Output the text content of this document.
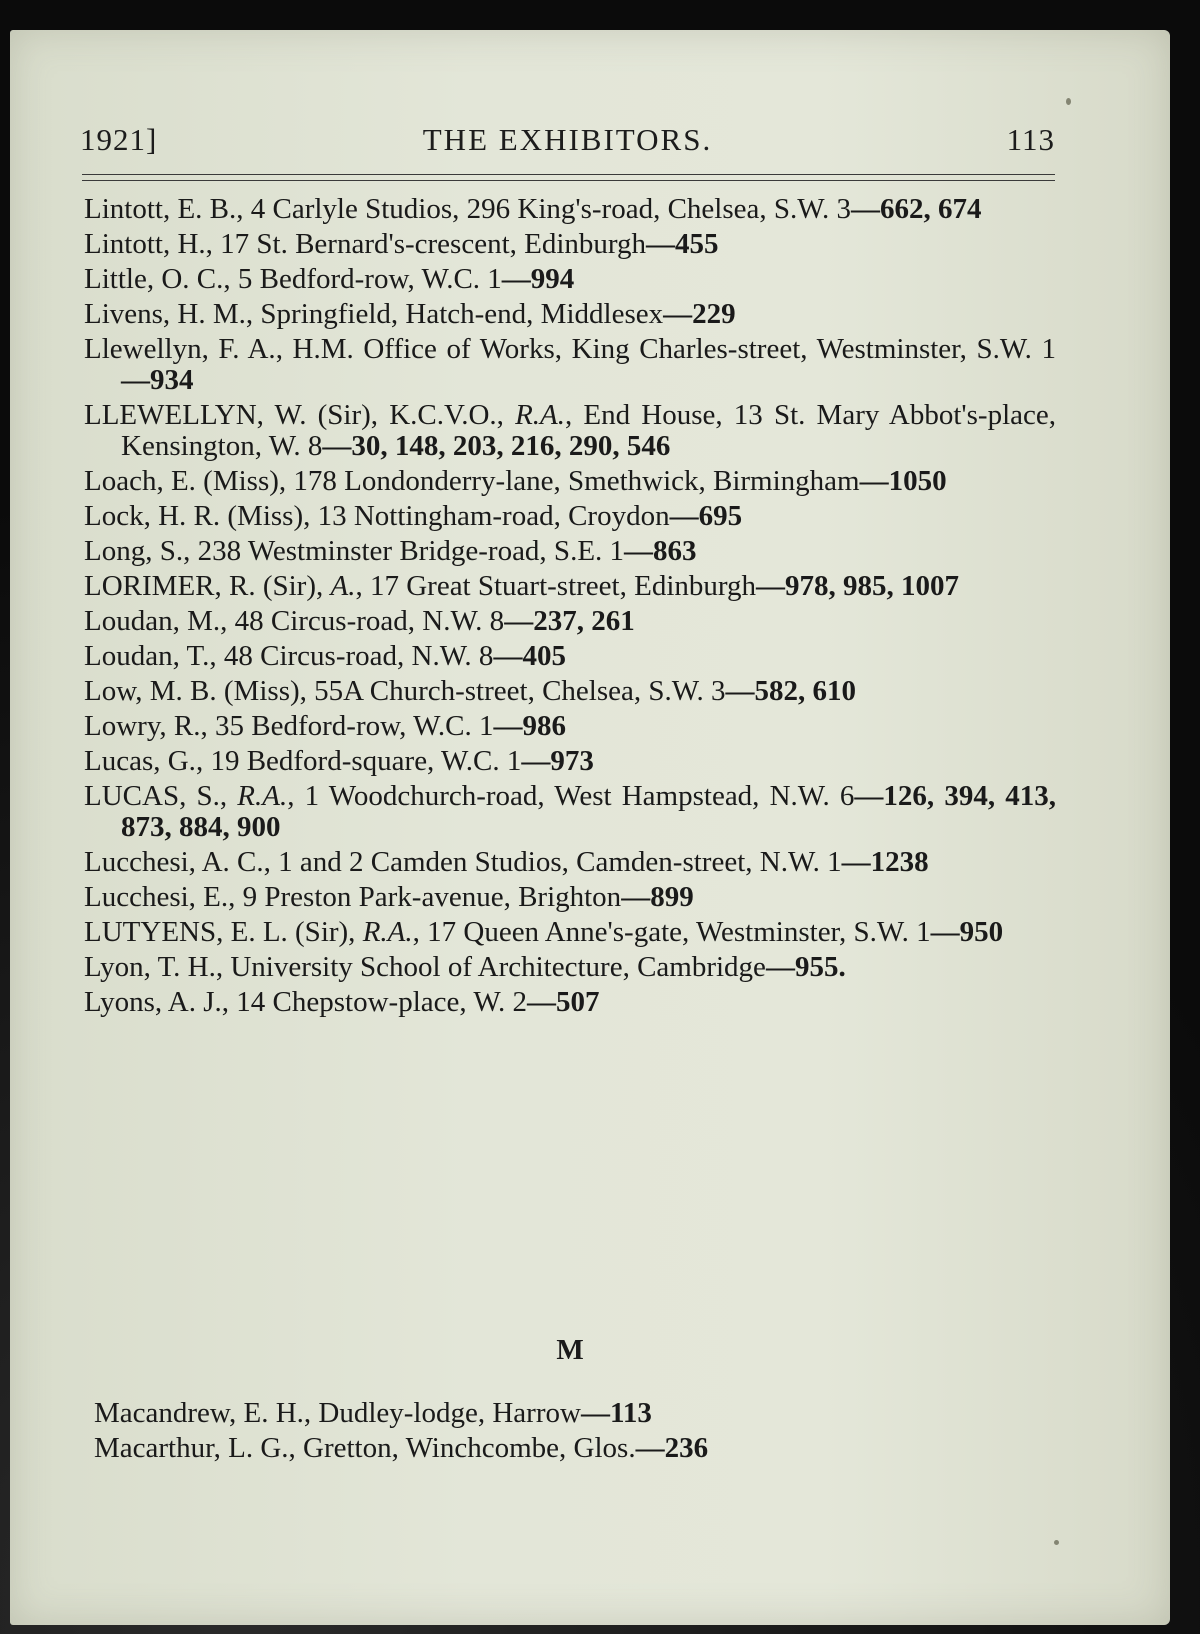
1921]	THE EXHIBITORS.	113
Lintott, E. B., 4 Carlyle Studios, 296 King's-road, Chelsea, S.W. 3—662, 674
Lintott, H., 17 St. Bernard's-crescent, Edinburgh—455
Little, O. C., 5 Bedford-row, W.C. 1—994
Livens, H. M., Springfield, Hatch-end, Middlesex—229
Llewellyn, F. A., H.M. Office of Works, King Charles-street, Westminster, S.W. 1—934
LLEWELLYN, W. (Sir), K.C.V.O., R.A., End House, 13 St. Mary Abbot's-place, Kensington, W. 8—30, 148, 203, 216, 290, 546
Loach, E. (Miss), 178 Londonderry-lane, Smethwick, Birmingham—1050
Lock, H. R. (Miss), 13 Nottingham-road, Croydon—695
Long, S., 238 Westminster Bridge-road, S.E. 1—863
LORIMER, R. (Sir), A., 17 Great Stuart-street, Edinburgh—978, 985, 1007
Loudan, M., 48 Circus-road, N.W. 8—237, 261
Loudan, T., 48 Circus-road, N.W. 8—405
Low, M. B. (Miss), 55A Church-street, Chelsea, S.W. 3—582, 610
Lowry, R., 35 Bedford-row, W.C. 1—986
Lucas, G., 19 Bedford-square, W.C. 1—973
LUCAS, S., R.A., 1 Woodchurch-road, West Hampstead, N.W. 6—126, 394, 413, 873, 884, 900
Lucchesi, A. C., 1 and 2 Camden Studios, Camden-street, N.W. 1—1238
Lucchesi, E., 9 Preston Park-avenue, Brighton—899
LUTYENS, E. L. (Sir), R.A., 17 Queen Anne's-gate, Westminster, S.W. 1—950
Lyon, T. H., University School of Architecture, Cambridge—955.
Lyons, A. J., 14 Chepstow-place, W. 2—507
M
Macandrew, E. H., Dudley-lodge, Harrow—113
Macarthur, L. G., Gretton, Winchcombe, Glos.—236
